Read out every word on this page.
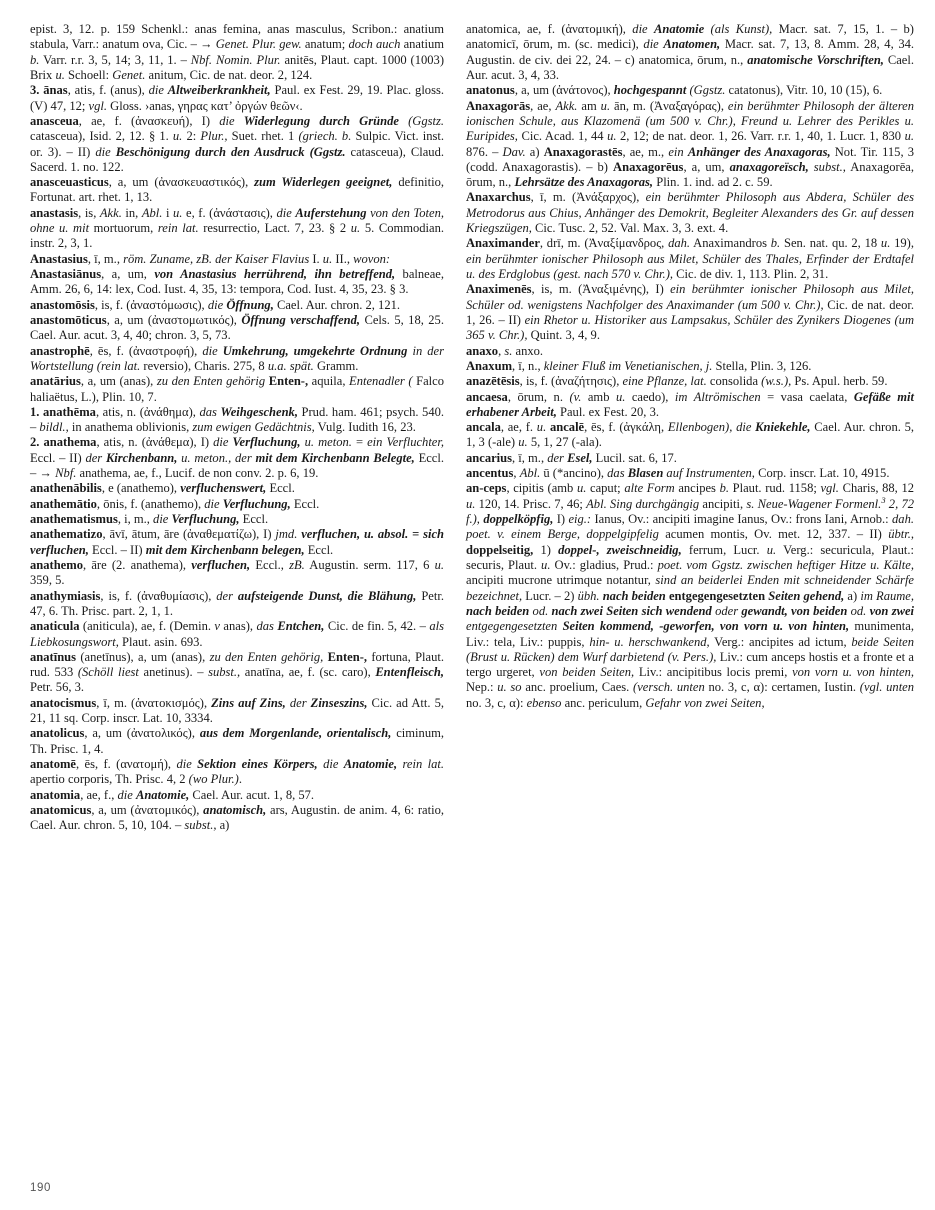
epist. 3, 12. p. 159 Schenkl.: anas femina, anas masculus, Scribon.: anatium stabula, Varr.: anatum ova, Cic. – → Genet. Plur. gew. anatum; doch auch anatium b. Varr. r.r. 3, 5, 14; 3, 11, 1. – Nbf. Nomin. Plur. anitēs, Plaut. capt. 1000 (1003) Brix u. Schoell: Genet. anitum, Cic. de nat. deor. 2, 124.

3. ānas, atis, f. (anus), die Altweiberkrankheit, Paul. ex Fest. 29, 19. Plac. gloss. (V) 47, 12; vgl. Gloss. ›anas, γηρας κατ’ ὀργών θεῶν‹.

anasceua, ae, f. (ἀνασκευή), I) die Widerlegung durch Gründe (Ggstz. catasceua), Isid. 2, 12. § 1. u. 2: Plur., Suet. rhet. 1 (griech. b. Sulpic. Vict. inst. or. 3). – II) die Beschönigung durch den Ausdruck (Ggstz. catasceua), Claud. Sacerd. 1. no. 122.

anasceuasticus, a, um (ἀνασκευαστικός), zum Widerlegen geeignet, definitio, Fortunat. art. rhet. 1, 13.

anastasis, is, Akk. in, Abl. i u. e, f. (ἀνάστασις), die Auferstehung von den Toten, ohne u. mit mortuorum, rein lat. resurrectio, Lact. 7, 23. § 2 u. 5. Commodian. instr. 2, 3, 1.

Anastasius, ī, m., röm. Zuname, zB. der Kaiser Flavius I. u. II., wovon:

Anastasiānus, a, um, von Anastasius herrührend, ihn betreffend, balneae, Amm. 26, 6, 14: lex, Cod. Iust. 4, 35, 13: tempora, Cod. Iust. 4, 35, 23. § 3.

anastomōsis, is, f. (ἀναστόμωσις), die Öffnung, Cael. Aur. chron. 2, 121.

anastomōticus, a, um (ἀναστομωτικός), Öffnung verschaffend, Cels. 5, 18, 25. Cael. Aur. acut. 3, 4, 40; chron. 3, 5, 73.

anastrophē, ēs, f. (ἀναστροφή), die Umkehrung, umgekehrte Ordnung in der Wortstellung (rein lat. reversio), Charis. 275, 8 u.a. spät. Gramm.

anatārius, a, um (anas), zu den Enten gehörig Enten-, aquila, Entenadler ( Falco haliaëtus, L.), Plin. 10, 7.

1. anathēma, atis, n. (ἀνάθημα), das Weihgeschenk, Prud. ham. 461; psych. 540. – bildl., in anathema oblivionis, zum ewigen Gedächtnis, Vulg. Iudith 16, 23.

2. anathema, atis, n. (ἀνάθεμα), I) die Verfluchung, u. meton. = ein Verfluchter, Eccl. – II) der Kirchenbann, u. meton., der mit dem Kirchenbann Belegte, Eccl. – → Nbf. anathema, ae, f., Lucif. de non conv. 2. p. 6, 19.

anathenābilis, e (anathemo), verfluchenswert, Eccl.

anathemātio, ōnis, f. (anathemo), die Verfluchung, Eccl.

anathematismus, i, m., die Verfluchung, Eccl.

anathematizo, āvī, ātum, āre (ἀναθεματίζω), I) jmd. verfluchen, u. absol. = sich verfluchen, Eccl. – II) mit dem Kirchenbann belegen, Eccl.

anathemo, āre (2. anathema), verfluchen, Eccl., zB. Augustin. serm. 117, 6 u. 359, 5.

anathymiasis, is, f. (ἀναθυμίασις), der aufsteigende Dunst, die Blähung, Petr. 47, 6. Th. Prisc. part. 2, 1, 1.

anaticula (aniticula), ae, f. (Demin. v anas), das Entchen, Cic. de fin. 5, 42. – als Liebkosungswort, Plaut. asin. 693.

anatīnus (anetīnus), a, um (anas), zu den Enten gehörig, Enten-, fortuna, Plaut. rud. 533 (Schöll liest anetinus). – subst., anatīna, ae, f. (sc. caro), Entenfleisch, Petr. 56, 3.

anatocismus, ī, m. (ἀνατοκισμός), Zins auf Zins, der Zinseszins, Cic. ad Att. 5, 21, 11 sq. Corp. inscr. Lat. 10, 3334.

anatolicus, a, um (ἀνατολικός), aus dem Morgenlande, orientalisch, ciminum, Th. Prisc. 1, 4.

anatomē, ēs, f. (ανατομή), die Sektion eines Körpers, die Anatomie, rein lat. apertio corporis, Th. Prisc. 4, 2 (wo Plur.).

anatomia, ae, f., die Anatomie, Cael. Aur. acut. 1, 8, 57.

anatomicus, a, um (ἀνατομικός), anatomisch, ars, Augustin. de anim. 4, 6: ratio, Cael. Aur. chron. 5, 10, 104. – subst., a)

anatomica, ae, f. (ἀνατομική), die Anatomie (als Kunst), Macr. sat. 7, 15, 1. – b) anatomicī, ōrum, m. (sc. medici), die Anatomen, Macr. sat. 7, 13, 8. Amm. 28, 4, 34. Augustin. de civ. dei 22, 24. – c) anatomica, ōrum, n., anatomische Vorschriften, Cael. Aur. acut. 3, 4, 33.

anatonus, a, um (ἀνάτονος), hochgespannt (Ggstz. catatonus), Vitr. 10, 10 (15), 6.

Anaxagorās, ae, Akk. am u. ān, m. (Ἀναξαγόρας), ein berühmter Philosoph der älteren ionischen Schule, aus Klazomenä (um 500 v. Chr.), Freund u. Lehrer des Perikles u. Euripides, Cic. Acad. 1, 44 u. 2, 12; de nat. deor. 1, 26. Varr. r.r. 1, 40, 1. Lucr. 1, 830 u. 876. – Dav. a) Anaxagorastēs, ae, m., ein Anhänger des Anaxagoras, Not. Tir. 115, 3 (codd. Anaxagorastis). – b) Anaxagorēus, a, um, anaxagoreïsch, subst., Anaxagorēa, ōrum, n., Lehrsätze des Anaxagoras, Plin. 1. ind. ad 2. c. 59.

Anaxarchus, ī, m. (Ἀνάξαρχος), ein berühmter Philosoph aus Abdera, Schüler des Metrodorus aus Chius, Anhänger des Demokrit, Begleiter Alexanders des Gr. auf dessen Kriegszügen, Cic. Tusc. 2, 52. Val. Max. 3, 3. ext. 4.

Anaximander, drī, m. (Ἀναξίμανδρος, dah. Anaximandros b. Sen. nat. qu. 2, 18 u. 19), ein berühmter ionischer Philosoph aus Milet, Schüler des Thales, Erfinder der Erdtafel u. des Erdglobus (gest. nach 570 v. Chr.), Cic. de div. 1, 113. Plin. 2, 31.

Anaximenēs, is, m. (Ἀναξιμένης), I) ein berühmter ionischer Philosoph aus Milet, Schüler od. wenigstens Nachfolger des Anaximander (um 500 v. Chr.), Cic. de nat. deor. 1, 26. – II) ein Rhetor u. Historiker aus Lampsakus, Schüler des Zynikers Diogenes (um 365 v. Chr.), Quint. 3, 4, 9.

anaxo, s. anxo.

Anaxum, ī, n., kleiner Fluß im Venetianischen, j. Stella, Plin. 3, 126.

anazētēsis, is, f. (ἀναζήτησις), eine Pflanze, lat. consolida (w.s.), Ps. Apul. herb. 59.

ancaesa, ōrum, n. (v. amb u. caedo), im Altrömischen = vasa caelata, Gefäße mit erhabener Arbeit, Paul. ex Fest. 20, 3.

ancala, ae, f. u. ancalē, ēs, f. (ἀγκάλη, Ellenbogen), die Kniekehle, Cael. Aur. chron. 5, 1, 3 (-ale) u. 5, 1, 27 (-ala).

ancarius, ī, m., der Esel, Lucil. sat. 6, 17.

ancentus, Abl. ū (*ancino), das Blasen auf Instrumenten, Corp. inscr. Lat. 10, 4915.

an-ceps, cipitis (amb u. caput; alte Form ancipes b. Plaut. rud. 1158; vgl. Charis, 88, 12 u. 120, 14. Prisc. 7, 46; Abl. Sing durchgängig ancipiti, s. Neue-Wagener Formenl.$^3$ 2, 72 f.), doppelköpfig, I) eig.: Ianus, Ov.: ancipiti imagine Ianus, Ov.: frons Iani, Arnob.: dah. poet. v. einem Berge, doppelgipfelig acumen montis, Ov. met. 12, 337. – II) übtr., doppelseitig, 1) doppel-, zweischneidig, ferrum, Lucr. u. Verg.: securicula, Plaut.: securis, Plaut. u. Ov.: gladius, Prud.: poet. vom Ggstz. zwischen heftiger Hitze u. Kälte, ancipiti mucrone utrimque notantur, sind an beiderlei Enden mit schneidender Schärfe bezeichnet, Lucr. – 2) übh. nach beiden entgegengesetzten Seiten gehend, a) im Raume, nach beiden od. nach zwei Seiten sich wendend oder gewandt, von beiden od. von zwei entgegengesetzten Seiten kommend, -geworfen, von vorn u. von hinten, munimenta, Liv.: tela, Liv.: puppis, hin- u. herschwankend, Verg.: ancipites ad ictum, beide Seiten (Brust u. Rücken) dem Wurf darbietend (v. Pers.), Liv.: cum anceps hostis et a fronte et a tergo urgeret, von beiden Seiten, Liv.: ancipitibus locis premi, von vorn u. von hinten, Nep.: u. so anc. proelium, Caes. (versch. unten no. 3, c, α): certamen, Iustin. (vgl. unten no. 3, c, α): ebenso anc. periculum, Gefahr von zwei Seiten,

190
